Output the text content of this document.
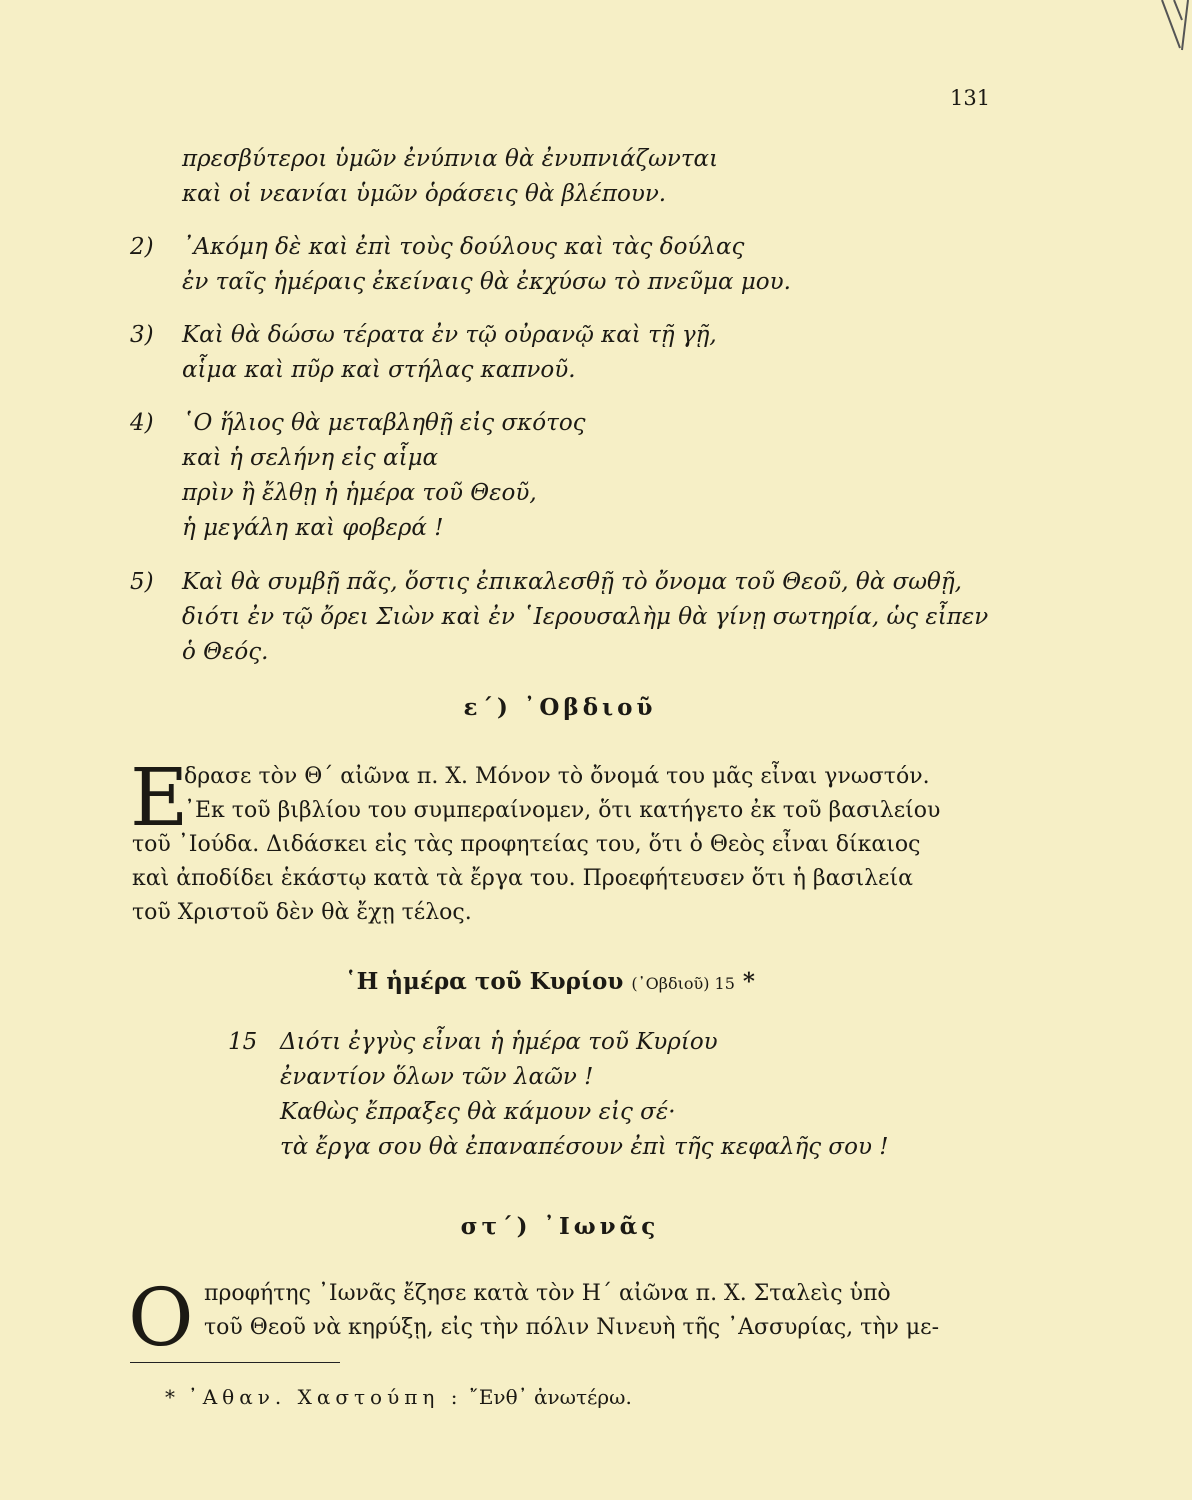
131
πρεσβύτεροι ὑμῶν ἐνύπνια θὰ ἐνυπνιάζωνται
καὶ οἱ νεανίαι ὑμῶν ὁράσεις θὰ βλέπουν.
2) ᾿Ακόμη δὲ καὶ ἐπὶ τοὺς δούλους καὶ τὰς δούλας
ἐν ταῖς ἡμέραις ἐκείναις θὰ ἐκχύσω τὸ πνεῦμα μου.
3) Καὶ θὰ δώσω τέρατα ἐν τῷ οὐρανῷ καὶ τῇ γῇ,
αἷμα καὶ πῦρ καὶ στήλας καπνοῦ.
4) ῾Ο ἥλιος θὰ μεταβληθῇ εἰς σκότος
καὶ ἡ σελήνη εἰς αἷμα
πρὶν ἢ ἔλθῃ ἡ ἡμέρα τοῦ Θεοῦ,
ἡ μεγάλη καὶ φοβερά !
5) Καὶ θὰ συμβῇ πᾶς, ὅστις ἐπικαλεσθῇ τὸ ὄνομα τοῦ Θεοῦ, θὰ σωθῇ,
διότι ἐν τῷ ὄρει Σιὼν καὶ ἐν ῾Ιερουσαλὴμ θὰ γίνῃ σωτηρία, ὡς εἶπεν
ὁ Θεός.
ε΄) ᾿Οβδιοῦ
Ε
δρασε τὸν Θ΄ αἰῶνα π. Χ. Μόνον τὸ ὄνομά του μᾶς εἶναι γνωστόν.
᾿Εκ τοῦ βιβλίου του συμπεραίνομεν, ὅτι κατήγετο ἐκ τοῦ βασιλείου
τοῦ ᾿Ιούδα. Διδάσκει εἰς τὰς προφητείας του, ὅτι ὁ Θεὸς εἶναι δίκαιος
καὶ ἀποδίδει ἑκάστῳ κατὰ τὰ ἔργα του. Προεφήτευσεν ὅτι ἡ βασιλεία
τοῦ Χριστοῦ δὲν θὰ ἔχῃ τέλος.
῾Η ἡμέρα τοῦ Κυρίου (᾿Οβδιοῦ) 15 *
15 Διότι ἐγγὺς εἶναι ἡ ἡμέρα τοῦ Κυρίου
ἐναντίον ὅλων τῶν λαῶν !
Καθὼς ἔπραξες θὰ κάμουν εἰς σέ·
τὰ ἔργα σου θὰ ἐπαναπέσουν ἐπὶ τῆς κεφαλῆς σου !
στ΄) ᾿Ιωνᾶς
Ο προφήτης ᾿Ιωνᾶς ἔζησε κατὰ τὸν Η΄ αἰῶνα π. Χ. Σταλεὶς ὑπὸ
τοῦ Θεοῦ νὰ κηρύξῃ, εἰς τὴν πόλιν Νινευὴ τῆς ᾿Ασσυρίας, τὴν με-
* ᾿Αθαν. Χαστούπη : ῎Ενθ᾿ ἀνωτέρω.
